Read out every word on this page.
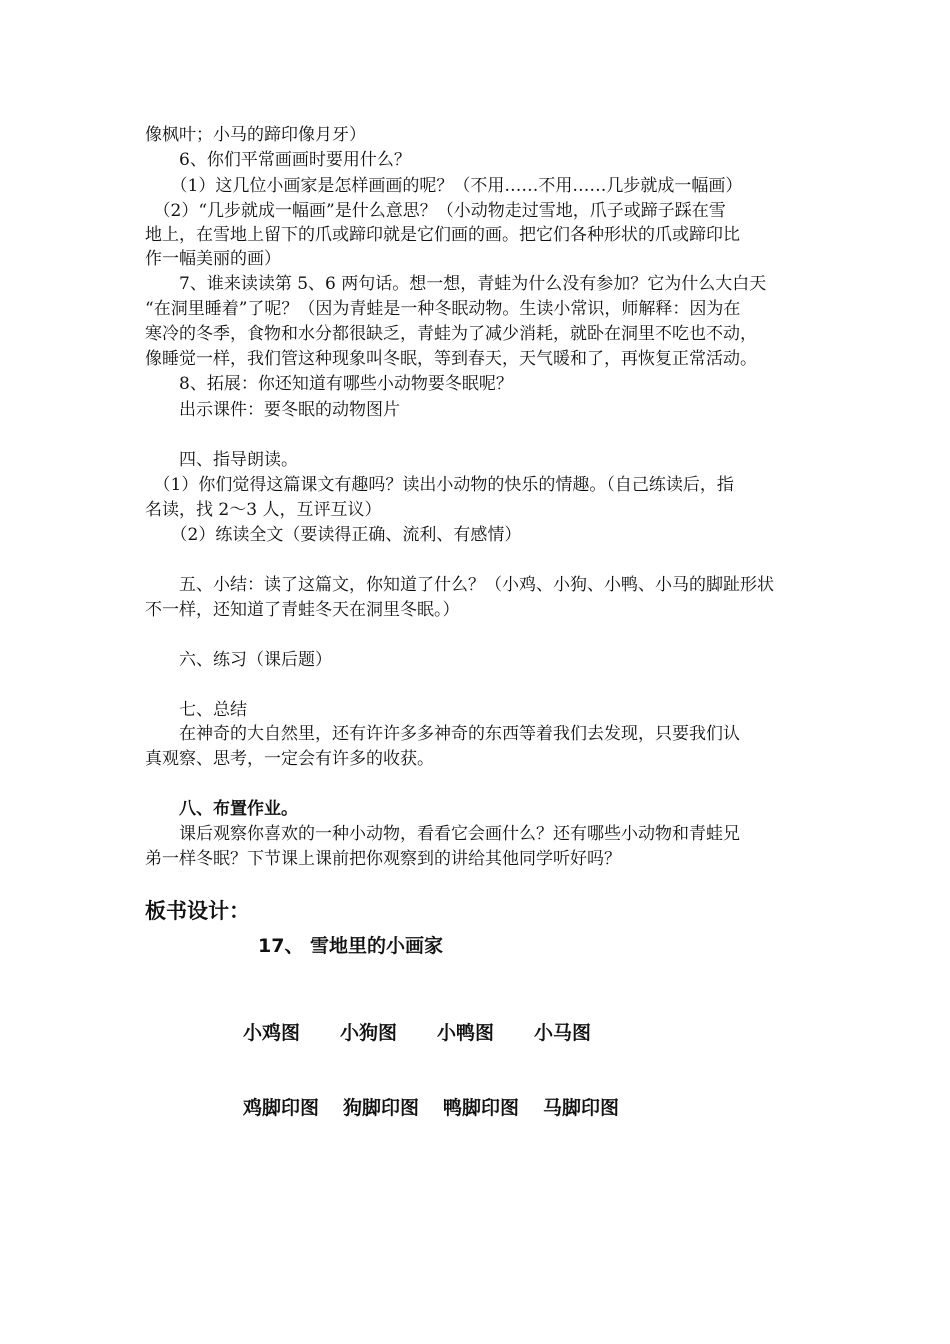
像枫叶；小马的蹄印像月牙）
　　6、你们平常画画时要用什么？
　　（1）这几位小画家是怎样画画的呢？（不用……不用……几步就成一幅画）
　（2）“几步就成一幅画”是什么意思？（小动物走过雪地，爪子或蹄子踩在雪
地上，在雪地上留下的爪或蹄印就是它们画的画。把它们各种形状的爪或蹄印比
作一幅美丽的画）
　　7、谁来读读第 5、6 两句话。想一想，青蛙为什么没有参加？它为什么大白天
“在洞里睡着”了呢？（因为青蛙是一种冬眠动物。生读小常识，师解释：因为在
寒冷的冬季，食物和水分都很缺乏，青蛙为了减少消耗，就卧在洞里不吃也不动，
像睡觉一样，我们管这种现象叫冬眠，等到春天，天气暖和了，再恢复正常活动。
　　8、拓展：你还知道有哪些小动物要冬眠呢？
　　出示课件：要冬眠的动物图片
　　四、指导朗读。
　（1）你们觉得这篇课文有趣吗？读出小动物的快乐的情趣。（自己练读后，指
名读，找 2～3 人，互评互议）
　　（2）练读全文（要读得正确、流利、有感情）
　　五、小结：读了这篇文，你知道了什么？（小鸡、小狗、小鸭、小马的脚趾形状
不一样，还知道了青蛙冬天在洞里冬眠。）
　　六、练习（课后题）
　　七、总结
　　在神奇的大自然里，还有许许多多神奇的东西等着我们去发现，只要我们认
真观察、思考，一定会有许多的收获。
　　八、布置作业。
　　课后观察你喜欢的一种小动物，看看它会画什么？还有哪些小动物和青蛙兄
弟一样冬眠？下节课上课前把你观察到的讲给其他同学听好吗？
板书设计：
17、 雪地里的小画家
小鸡图 小狗图 小鸭图 小马图
鸡脚印图 狗脚印图 鸭脚印图 马脚印图
